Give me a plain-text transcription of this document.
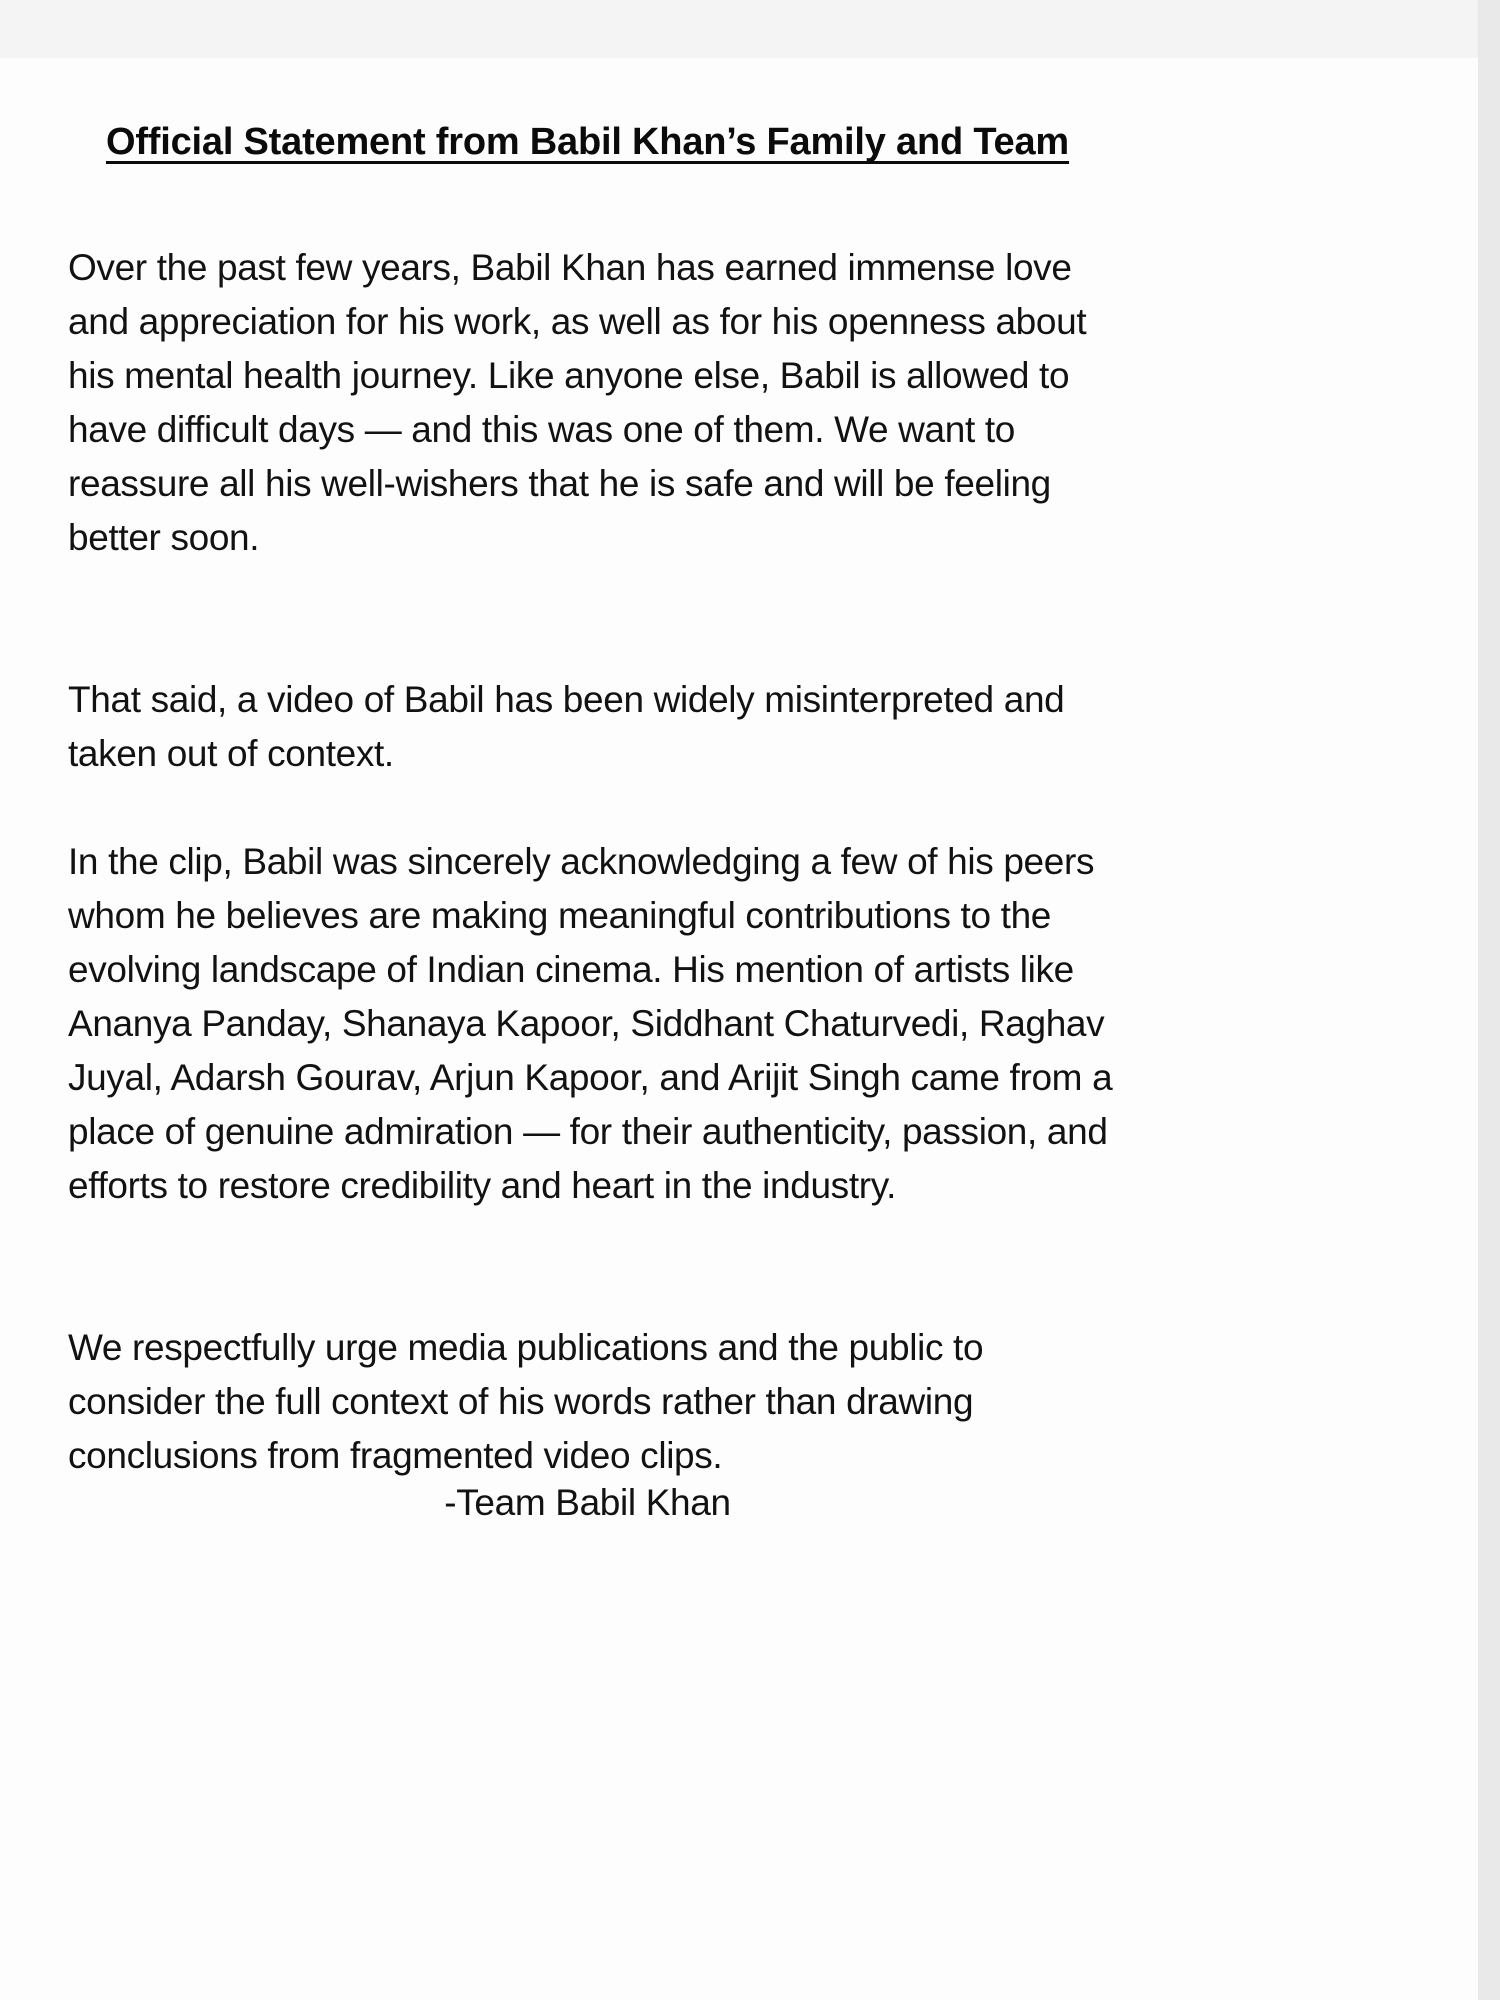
Official Statement from Babil Khan’s Family and Team

Over the past few years, Babil Khan has earned immense love and appreciation for his work, as well as for his openness about his mental health journey. Like anyone else, Babil is allowed to have difficult days — and this was one of them. We want to reassure all his well-wishers that he is safe and will be feeling better soon.

That said, a video of Babil has been widely misinterpreted and taken out of context.

In the clip, Babil was sincerely acknowledging a few of his peers whom he believes are making meaningful contributions to the evolving landscape of Indian cinema. His mention of artists like Ananya Panday, Shanaya Kapoor, Siddhant Chaturvedi, Raghav Juyal, Adarsh Gourav, Arjun Kapoor, and Arijit Singh came from a place of genuine admiration — for their authenticity, passion, and efforts to restore credibility and heart in the industry.

We respectfully urge media publications and the public to consider the full context of his words rather than drawing conclusions from fragmented video clips.

-Team Babil Khan
